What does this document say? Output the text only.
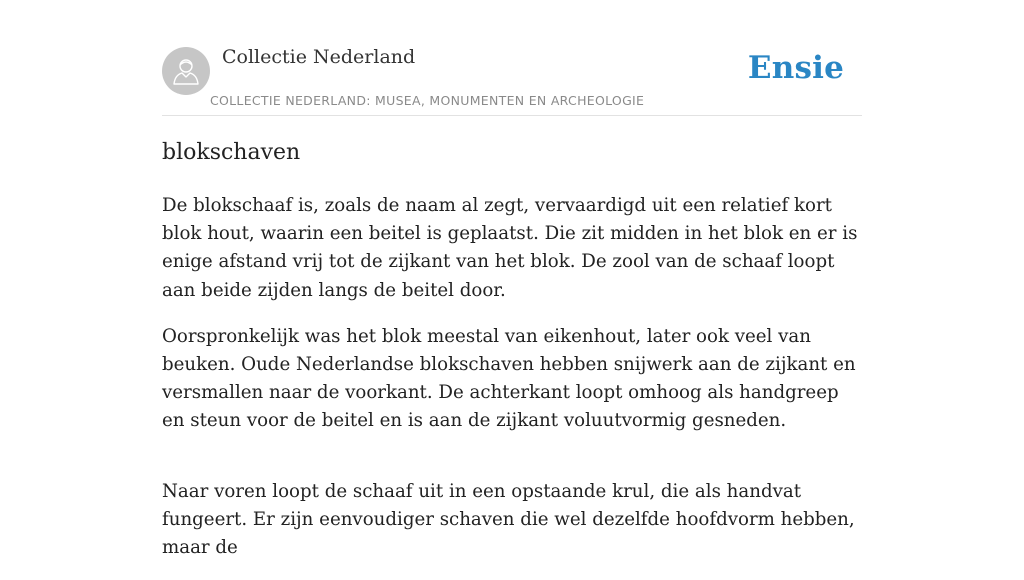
Collectie Nederland
COLLECTIE NEDERLAND: MUSEA, MONUMENTEN EN ARCHEOLOGIE
Ensie
blokschaven

De blokschaaf is, zoals de naam al zegt, vervaardigd uit een relatief kort blok hout, waarin een beitel is geplaatst. Die zit midden in het blok en er is enige afstand vrij tot de zijkant van het blok. De zool van de schaaf loopt aan beide zijden langs de beitel door.

Oorspronkelijk was het blok meestal van eikenhout, later ook veel van beuken. Oude Nederlandse blokschaven hebben snijwerk aan de zijkant en versmallen naar de voorkant. De achterkant loopt omhoog als handgreep en steun voor de beitel en is aan de zijkant voluutvormig gesneden.

Naar voren loopt de schaaf uit in een opstaande krul, die als handvat fungeert. Er zijn eenvoudiger schaven die wel dezelfde hoofdvorm hebben, maar de
